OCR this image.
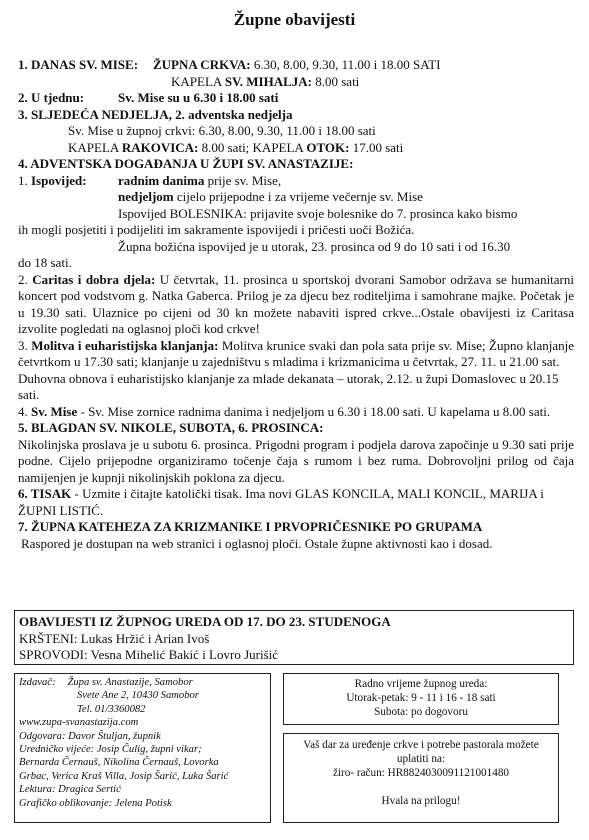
Župne obavijesti
1. DANAS SV. MISE:	ŽUPNA CRKVA: 6.30, 8.00, 9.30, 11.00 i 18.00 SATI
KAPELA SV. MIHALJA: 8.00 sati
2. U tjednu:	Sv. Mise su u 6.30 i 18.00 sati

3. SLJEDEĆA NEDJELJA, 2. adventska nedjelja

Sv. Mise u župnoj crkvi: 6.30, 8.00, 9.30, 11.00 i 18.00 sati

KAPELA RAKOVICA: 8.00 sati; KAPELA OTOK: 17.00 sati

4. ADVENTSKA DOGAĐANJA U ŽUPI SV. ANASTAZIJE:

1. Ispovijed:	radnim danima prije sv. Mise,

nedjeljom cijelo prijepodne i za vrijeme večernje sv. Mise

Ispovijed BOLESNIKA: prijavite svoje bolesnike do 7. prosinca kako bismo

ih mogli posjetiti i podijeliti im sakramente ispovijedi i pričesti uoči Božića.

Župna božićna ispovijed je u utorak, 23. prosinca od 9 do 10 sati i od 16.30

do 18 sati.

2. Caritas i dobra djela: U četvrtak, 11. prosinca u sportskoj dvorani Samobor održava se humanitarni koncert pod vodstvom g. Natka Gaberca. Prilog je za djecu bez roditeljima i samohrane majke. Početak je u 19.30 sati. Ulaznice po cijeni od 30 kn možete nabaviti ispred crkve...Ostale obavijesti iz Caritasa izvolite pogledati na oglasnoj ploči kod crkve!

3. Molitva i euharistijska klanjanja: Molitva krunice svaki dan pola sata prije sv. Mise; Župno klanjanje četvrtkom u 17.30 sati; klanjanje u zajedništvu s mladima i krizmanicima u četvrtak, 27. 11. u 21.00 sat.

Duhovna obnova i euharistijsko klanjanje za mlade dekanata – utorak, 2.12. u župi Domaslovec u 20.15 sati.

4. Sv. Mise - Sv. Mise zornice radnima danima i nedjeljom u 6.30 i 18.00 sati. U kapelama u 8.00 sati.

5. BLAGDAN SV. NIKOLE, SUBOTA, 6. PROSINCA:

Nikolinjska proslava je u subotu 6. prosinca. Prigodni program i podjela darova započinje u 9.30 sati prije podne. Cijelo prijepodne organiziramo točenje čaja s rumom i bez ruma. Dobrovoljni prilog od čaja namijenjen je kupnji nikolinjskih poklona za djecu.

6. TISAK - Uzmite i čitajte katolički tisak. Ima novi GLAS KONCILA, MALI KONCIL, MARIJA i ŽUPNI LISTIĆ.

7. ŽUPNA KATEHEZA ZA KRIZMANIKE I PRVOPRIČESNIKE PO GRUPAMA

Raspored je dostupan na web stranici i oglasnoj ploči. Ostale župne aktivnosti kao i dosad.

OBAVIJESTI IZ ŽUPNOG UREDA OD 17. DO 23. STUDENOGA

KRŠTENI: Lukas Hržić i Arian Ivoš

SPROVODI: Vesna Mihelić Bakić i Lovro Jurišić

Izdavač: Župa sv. Anastazije, Samobor

Svete Ane 2, 10430 Samobor

Tel. 01/3360082

www.zupa-svanastazija.com

Odgovara: Davor Štuljan, župnik

Uredničko vijeće: Josip Čulig, župni vikar;

Bernarda Černauš, Nikolina Černauš, Lovorka

Grbac, Verica Kraš Villa, Josip Šarić, Luka Šarić

Lektura: Dragica Sertić

Grafičko oblikovanje: Jelena Potisk

Radno vrijeme župnog ureda:

Utorak-petak: 9 - 11 i 16 - 18 sati

Subota: po dogovoru

Vaš dar za uređenje crkve i potrebe pastorala možete

uplatiti na:

žiro- račun: HR8824030091121001480

Hvala na prilogu!
